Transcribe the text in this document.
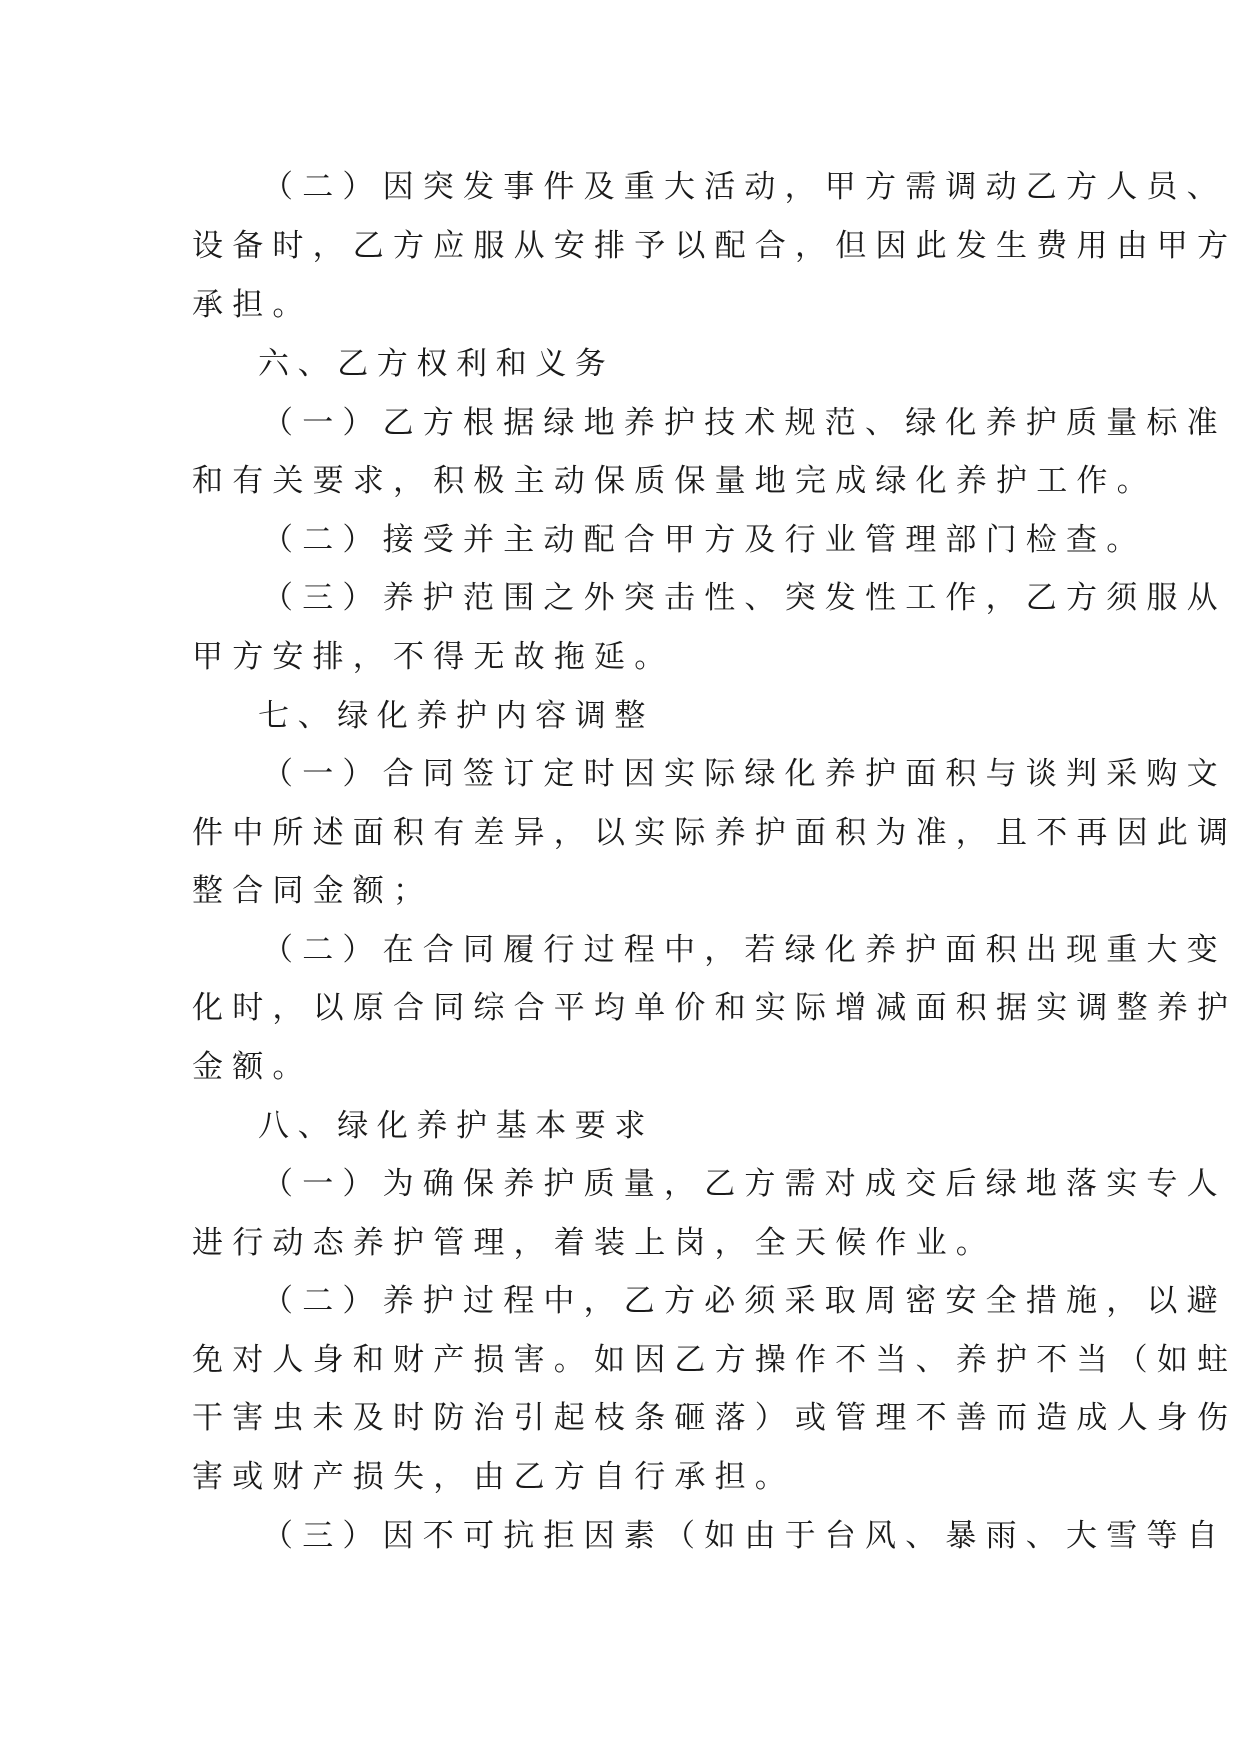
（二）因突发事件及重大活动，甲方需调动乙方人员、
设备时，乙方应服从安排予以配合，但因此发生费用由甲方
承担。
六、乙方权利和义务
（一）乙方根据绿地养护技术规范、绿化养护质量标准
和有关要求，积极主动保质保量地完成绿化养护工作。
（二）接受并主动配合甲方及行业管理部门检查。
（三）养护范围之外突击性、突发性工作，乙方须服从
甲方安排，不得无故拖延。
七、绿化养护内容调整
（一）合同签订定时因实际绿化养护面积与谈判采购文
件中所述面积有差异，以实际养护面积为准，且不再因此调
整合同金额；
（二）在合同履行过程中，若绿化养护面积出现重大变
化时，以原合同综合平均单价和实际增减面积据实调整养护
金额。
八、绿化养护基本要求
（一）为确保养护质量，乙方需对成交后绿地落实专人
进行动态养护管理，着装上岗，全天候作业。
（二）养护过程中，乙方必须采取周密安全措施，以避
免对人身和财产损害。如因乙方操作不当、养护不当（如蛀
干害虫未及时防治引起枝条砸落）或管理不善而造成人身伤
害或财产损失，由乙方自行承担。
（三）因不可抗拒因素（如由于台风、暴雨、大雪等自
